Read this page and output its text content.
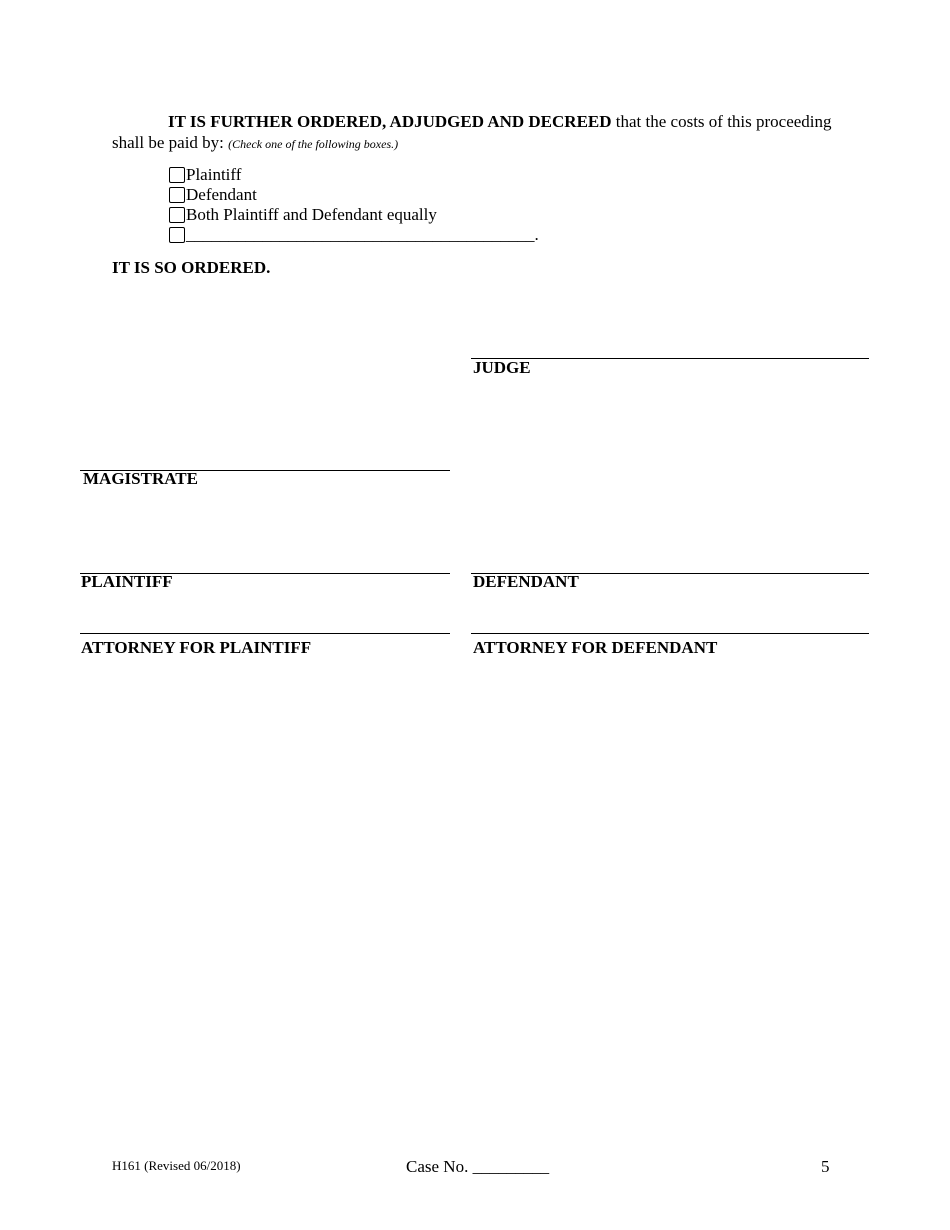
IT IS FURTHER ORDERED, ADJUDGED AND DECREED that the costs of this proceeding shall be paid by: (Check one of the following boxes.)
Plaintiff
Defendant
Both Plaintiff and Defendant equally
_________________________________________.
IT IS SO ORDERED.
JUDGE
MAGISTRATE
PLAINTIFF	DEFENDANT
ATTORNEY FOR PLAINTIFF	ATTORNEY FOR DEFENDANT
H161 (Revised 06/2018)	Case No. _________	5
